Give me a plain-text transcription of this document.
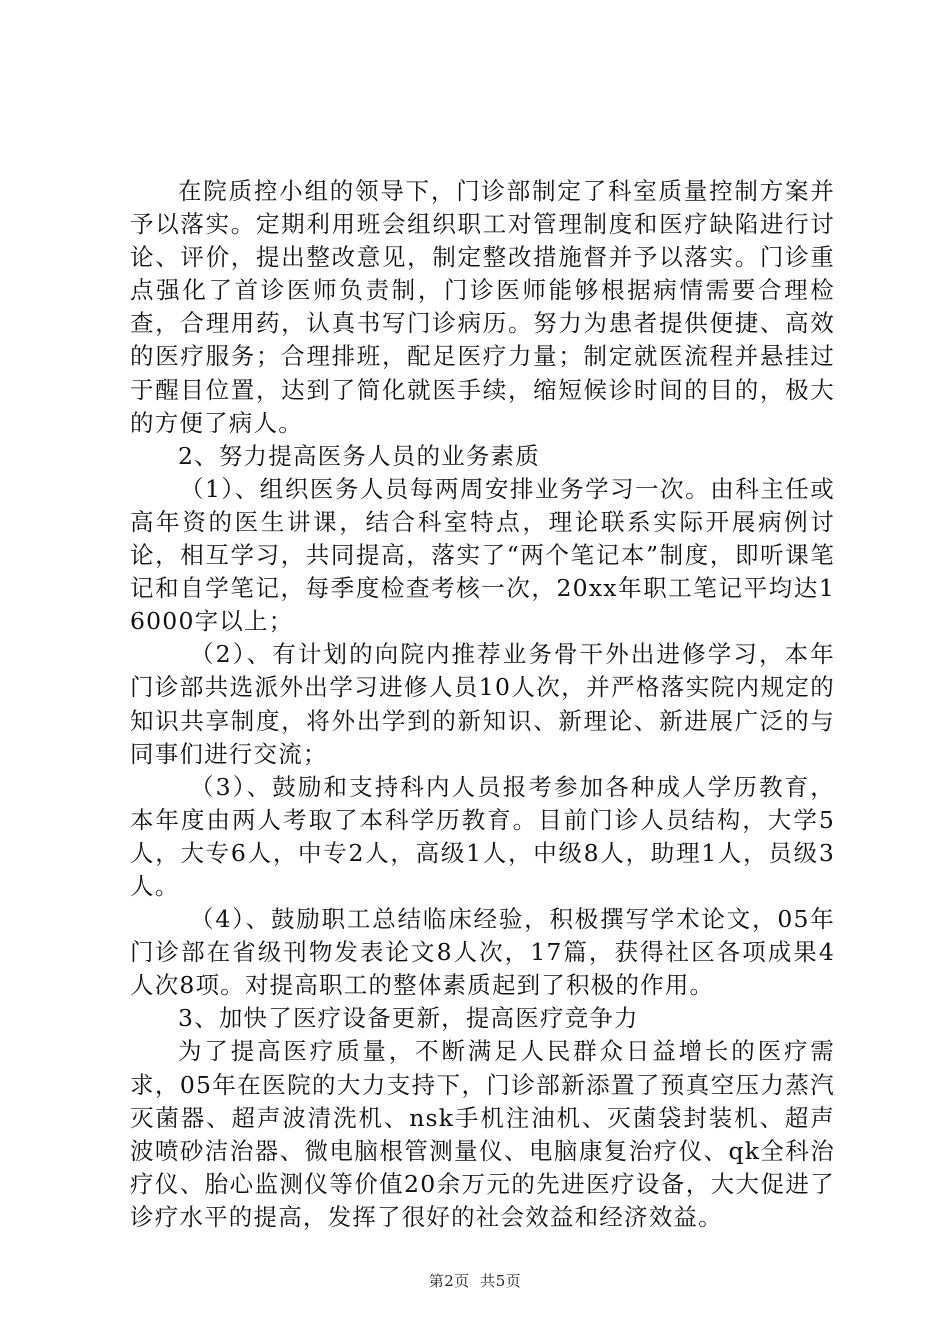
在院质控小组的领导下，门诊部制定了科室质量控制方案并予以落实。定期利用班会组织职工对管理制度和医疗缺陷进行讨论、评价，提出整改意见，制定整改措施督并予以落实。门诊重点强化了首诊医师负责制，门诊医师能够根据病情需要合理检查，合理用药，认真书写门诊病历。努力为患者提供便捷、高效的医疗服务；合理排班，配足医疗力量；制定就医流程并悬挂过于醒目位置，达到了简化就医手续，缩短候诊时间的目的，极大的方便了病人。

2、努力提高医务人员的业务素质

（1）、组织医务人员每两周安排业务学习一次。由科主任或高年资的医生讲课，结合科室特点，理论联系实际开展病例讨论，相互学习，共同提高，落实了“两个笔记本”制度，即听课笔记和自学笔记，每季度检查考核一次，20xx年职工笔记平均达16000字以上；

（2）、有计划的向院内推荐业务骨干外出进修学习，本年门诊部共选派外出学习进修人员10人次，并严格落实院内规定的知识共享制度，将外出学到的新知识、新理论、新进展广泛的与同事们进行交流；

（3）、鼓励和支持科内人员报考参加各种成人学历教育，本年度由两人考取了本科学历教育。目前门诊人员结构，大学5人，大专6人，中专2人，高级1人，中级8人，助理1人，员级3人。

（4）、鼓励职工总结临床经验，积极撰写学术论文，05年门诊部在省级刊物发表论文8人次，17篇，获得社区各项成果4人次8项。对提高职工的整体素质起到了积极的作用。

3、加快了医疗设备更新，提高医疗竞争力

为了提高医疗质量，不断满足人民群众日益增长的医疗需求，05年在医院的大力支持下，门诊部新添置了预真空压力蒸汽灭菌器、超声波清洗机、nsk手机注油机、灭菌袋封装机、超声波喷砂洁治器、微电脑根管测量仪、电脑康复治疗仪、qk全科治疗仪、胎心监测仪等价值20余万元的先进医疗设备，大大促进了诊疗水平的提高，发挥了很好的社会效益和经济效益。

第2页  共5页
